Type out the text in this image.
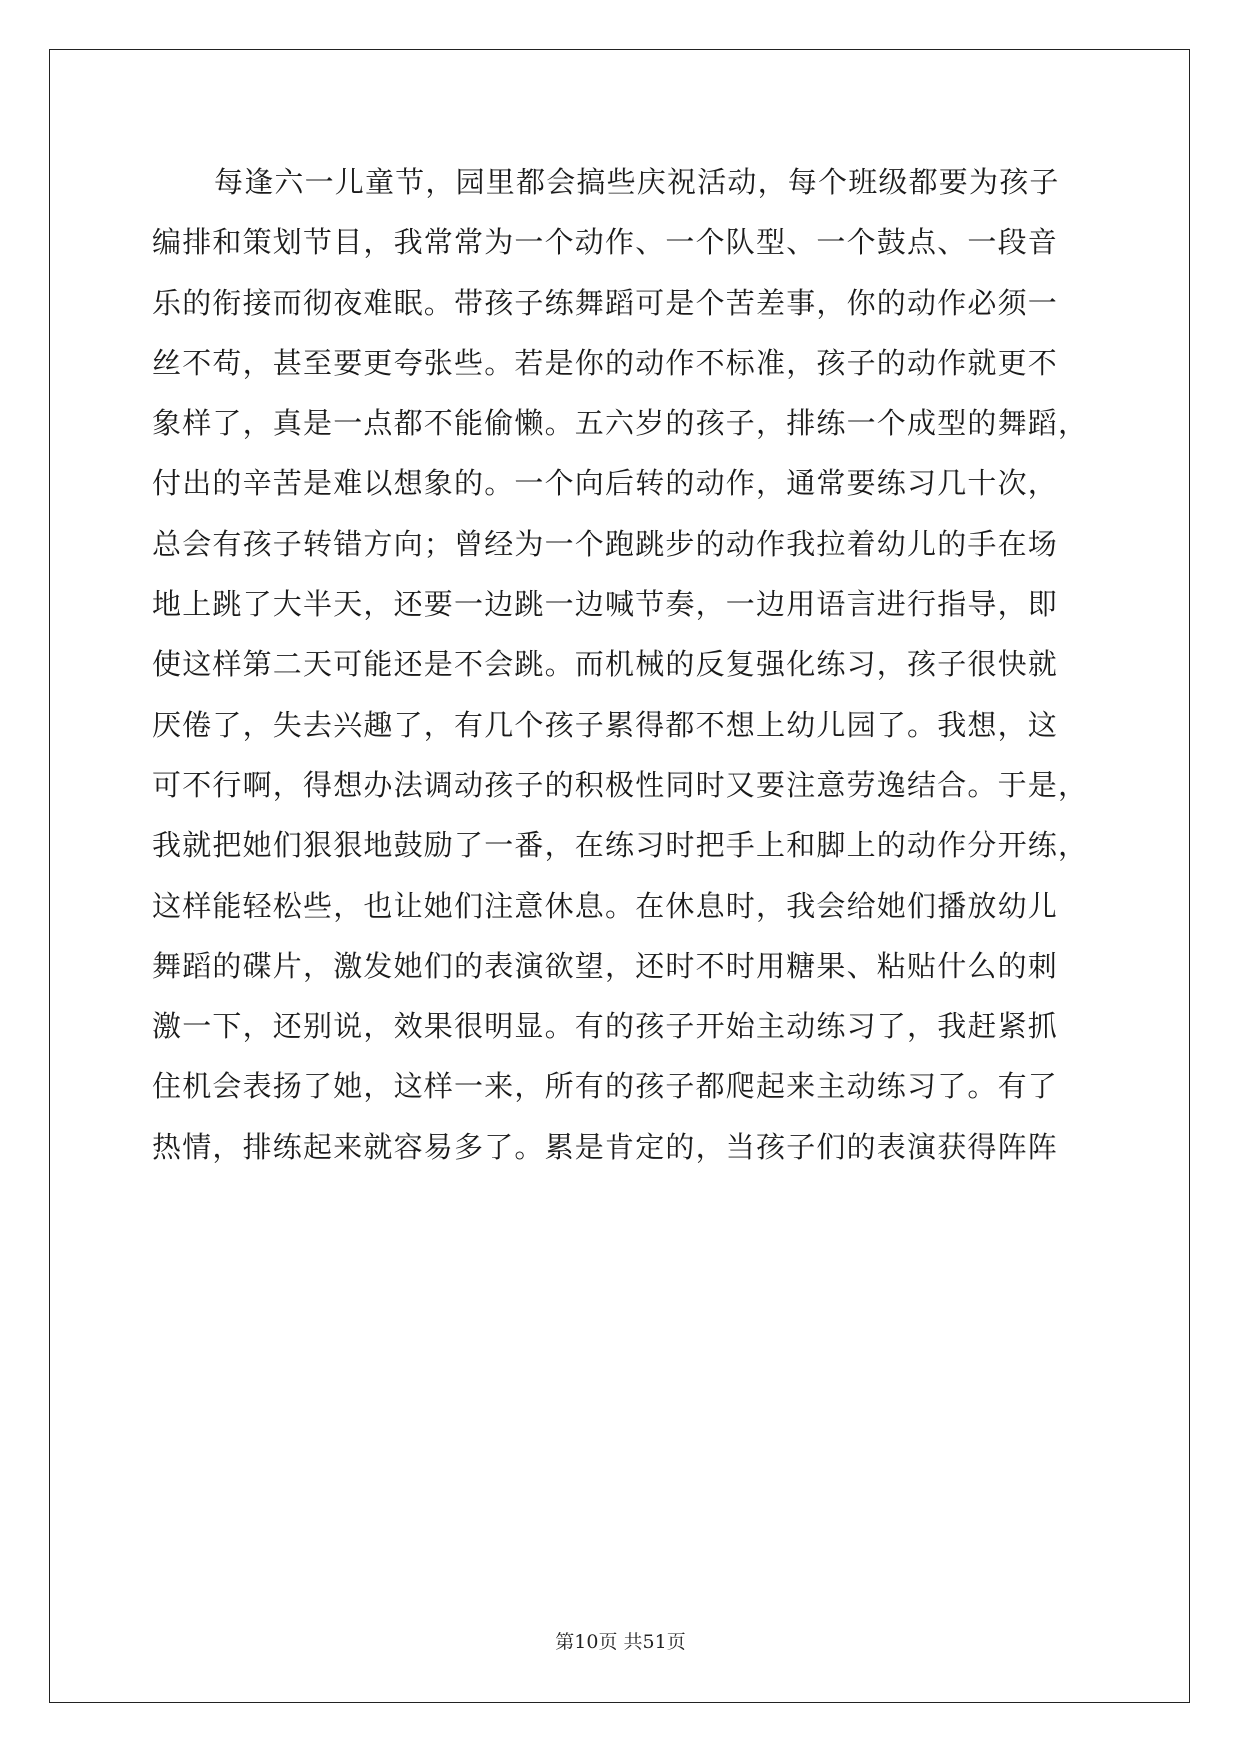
每逢六一儿童节，园里都会搞些庆祝活动，每个班级都要为孩子
编排和策划节目，我常常为一个动作、一个队型、一个鼓点、一段音
乐的衔接而彻夜难眠。带孩子练舞蹈可是个苦差事，你的动作必须一
丝不苟，甚至要更夸张些。若是你的动作不标准，孩子的动作就更不
象样了，真是一点都不能偷懒。五六岁的孩子，排练一个成型的舞蹈，
付出的辛苦是难以想象的。一个向后转的动作，通常要练习几十次，
总会有孩子转错方向；曾经为一个跑跳步的动作我拉着幼儿的手在场
地上跳了大半天，还要一边跳一边喊节奏，一边用语言进行指导，即
使这样第二天可能还是不会跳。而机械的反复强化练习，孩子很快就
厌倦了，失去兴趣了，有几个孩子累得都不想上幼儿园了。我想，这
可不行啊，得想办法调动孩子的积极性同时又要注意劳逸结合。于是，
我就把她们狠狠地鼓励了一番，在练习时把手上和脚上的动作分开练，
这样能轻松些，也让她们注意休息。在休息时，我会给她们播放幼儿
舞蹈的碟片，激发她们的表演欲望，还时不时用糖果、粘贴什么的刺
激一下，还别说，效果很明显。有的孩子开始主动练习了，我赶紧抓
住机会表扬了她，这样一来，所有的孩子都爬起来主动练习了。有了
热情，排练起来就容易多了。累是肯定的，当孩子们的表演获得阵阵
第10页 共51页
